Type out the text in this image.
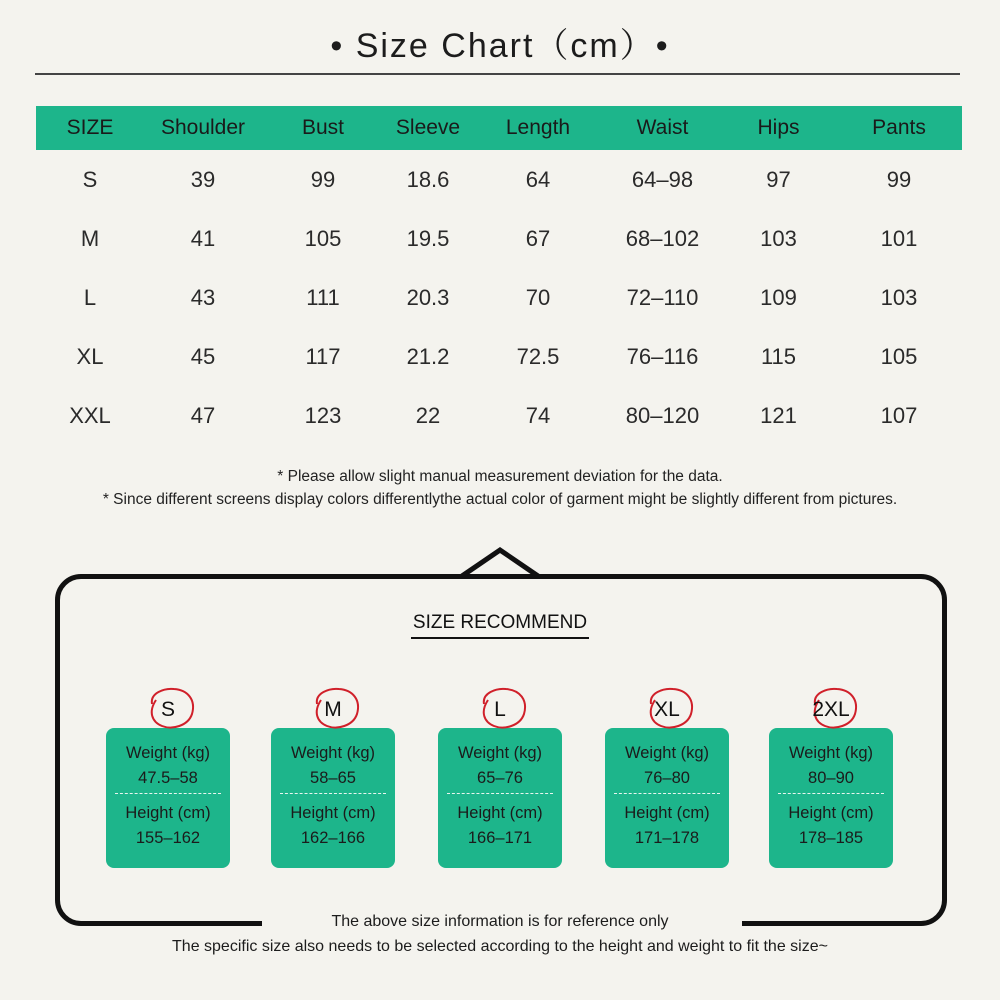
• Size Chart（cm）•
SIZE	Shoulder	Bust	Sleeve	Length	Waist	Hips	Pants
S	39	99	18.6	64	64–98	97	99
M	41	105	19.5	67	68–102	103	101
L	43	111	20.3	70	72–110	109	103
XL	45	117	21.2	72.5	76–116	115	105
XXL	47	123	22	74	80–120	121	107
* Please allow slight manual measurement deviation for the data.
* Since different screens display colors differentlythe actual color of garment might be slightly different from pictures.
SIZE RECOMMEND
S
Weight (kg)
47.5–58
Height (cm)
155–162
M
Weight (kg)
58–65
Height (cm)
162–166
L
Weight (kg)
65–76
Height (cm)
166–171
XL
Weight (kg)
76–80
Height (cm)
171–178
2XL
Weight (kg)
80–90
Height (cm)
178–185
The above size information is for reference only
The specific size also needs to be selected according to the height and weight to fit the size~
